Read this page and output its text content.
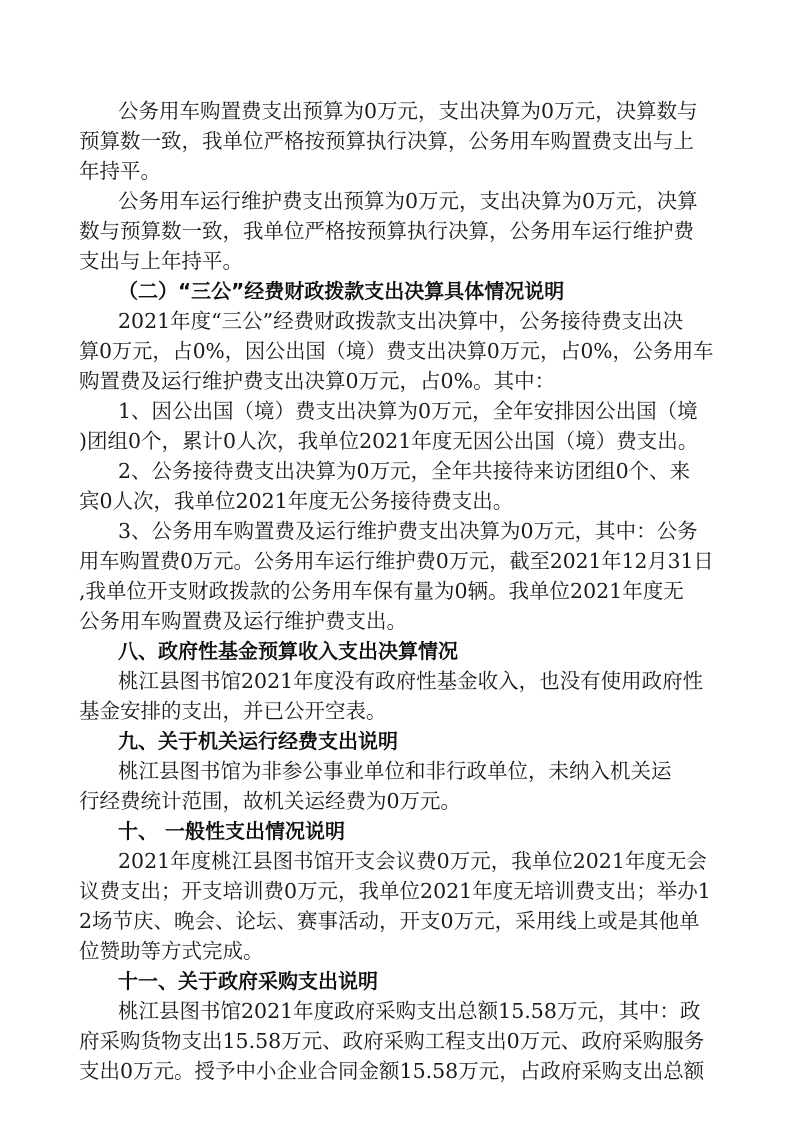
公务用车购置费支出预算为0万元，支出决算为0万元，决算数与

预算数一致，我单位严格按预算执行决算，公务用车购置费支出与上

年持平。

公务用车运行维护费支出预算为0万元，支出决算为0万元，决算

数与预算数一致，我单位严格按预算执行决算，公务用车运行维护费

支出与上年持平。

（二）“三公”经费财政拨款支出决算具体情况说明

2021年度“三公”经费财政拨款支出决算中，公务接待费支出决

算0万元，占0%，因公出国（境）费支出决算0万元，占0%，公务用车

购置费及运行维护费支出决算0万元，占0%。其中：

1、因公出国（境）费支出决算为0万元，全年安排因公出国（境

)团组0个，累计0人次，我单位2021年度无因公出国（境）费支出。

2、公务接待费支出决算为0万元，全年共接待来访团组0个、来

宾0人次，我单位2021年度无公务接待费支出。

3、公务用车购置费及运行维护费支出决算为0万元，其中：公务

用车购置费0万元。公务用车运行维护费0万元，截至2021年12月31日

,我单位开支财政拨款的公务用车保有量为0辆。我单位2021年度无

公务用车购置费及运行维护费支出。

八、政府性基金预算收入支出决算情况

桃江县图书馆2021年度没有政府性基金收入，也没有使用政府性

基金安排的支出，并已公开空表。

九、关于机关运行经费支出说明

桃江县图书馆为非参公事业单位和非行政单位，未纳入机关运

行经费统计范围，故机关运经费为0万元。

十、 一般性支出情况说明

2021年度桃江县图书馆开支会议费0万元，我单位2021年度无会

议费支出；开支培训费0万元，我单位2021年度无培训费支出；举办1

2场节庆、晚会、论坛、赛事活动，开支0万元，采用线上或是其他单

位赞助等方式完成。

十一、关于政府采购支出说明

桃江县图书馆2021年度政府采购支出总额15.58万元，其中：政

府采购货物支出15.58万元、政府采购工程支出0万元、政府采购服务

支出0万元。授予中小企业合同金额15.58万元，占政府采购支出总额
